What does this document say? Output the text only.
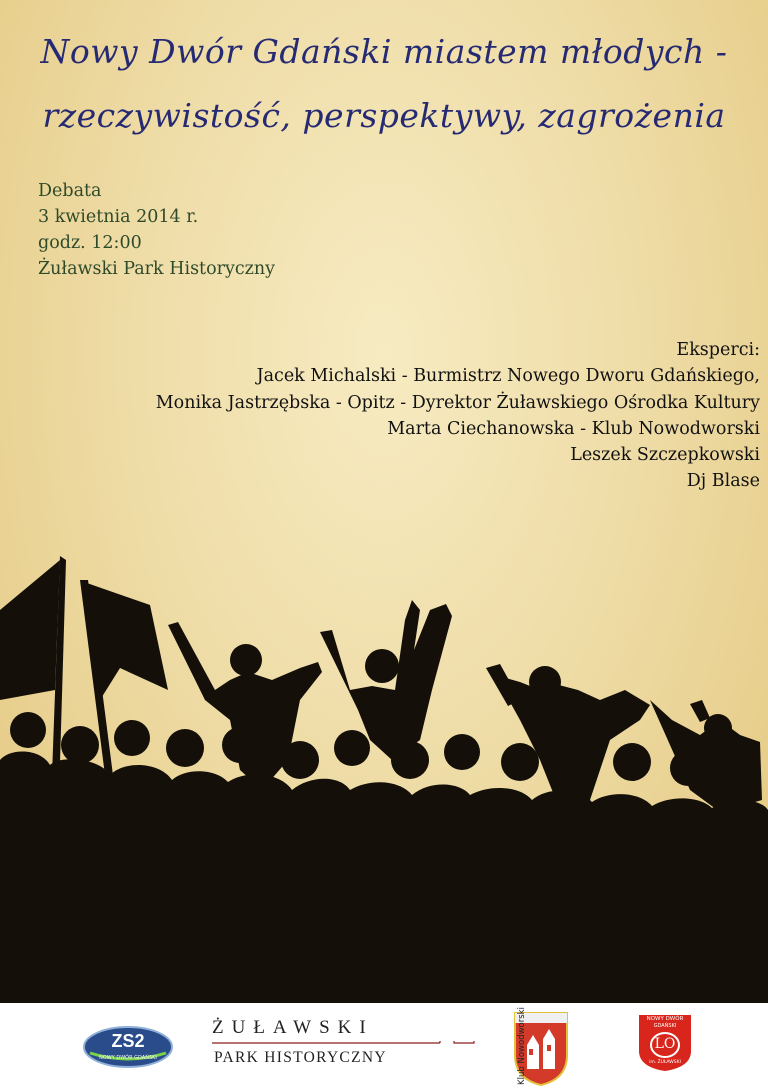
Nowy Dwór Gdański miastem młodych -
rzeczywistość, perspektywy, zagrożenia
Debata
3 kwietnia 2014 r.
godz. 12:00
Żuławski Park Historyczny
Eksperci:
Jacek Michalski - Burmistrz Nowego Dworu Gdańskiego,
Monika Jastrzębska - Opitz - Dyrektor Żuławskiego Ośrodka Kultury
Marta Ciechanowska - Klub Nowodworski
Leszek Szczepkowski
Dj Blase
ZS2
NOWY DWÓR GDAŃSKI
ŻUŁAWSKI
PARK HISTORYCZNY	Klub Nowodworski	NOWY DWÓR
GDAŃSKI
LO
im. ŻUŁAWSKI
